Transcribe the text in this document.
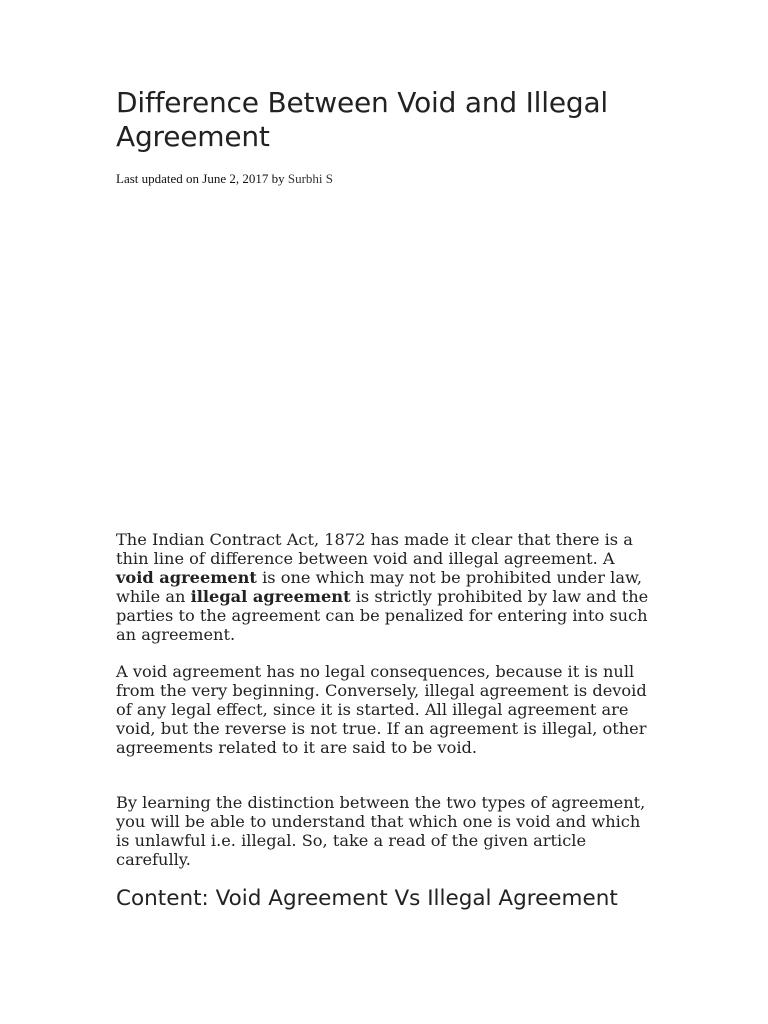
Difference Between Void and Illegal Agreement
Last updated on June 2, 2017 by Surbhi S

The Indian Contract Act, 1872 has made it clear that there is a thin line of difference between void and illegal agreement. A void agreement is one which may not be prohibited under law, while an illegal agreement is strictly prohibited by law and the parties to the agreement can be penalized for entering into such an agreement.

A void agreement has no legal consequences, because it is null from the very beginning. Conversely, illegal agreement is devoid of any legal effect, since it is started. All illegal agreement are void, but the reverse is not true. If an agreement is illegal, other agreements related to it are said to be void.

By learning the distinction between the two types of agreement, you will be able to understand that which one is void and which is unlawful i.e. illegal. So, take a read of the given article carefully.

Content: Void Agreement Vs Illegal Agreement
